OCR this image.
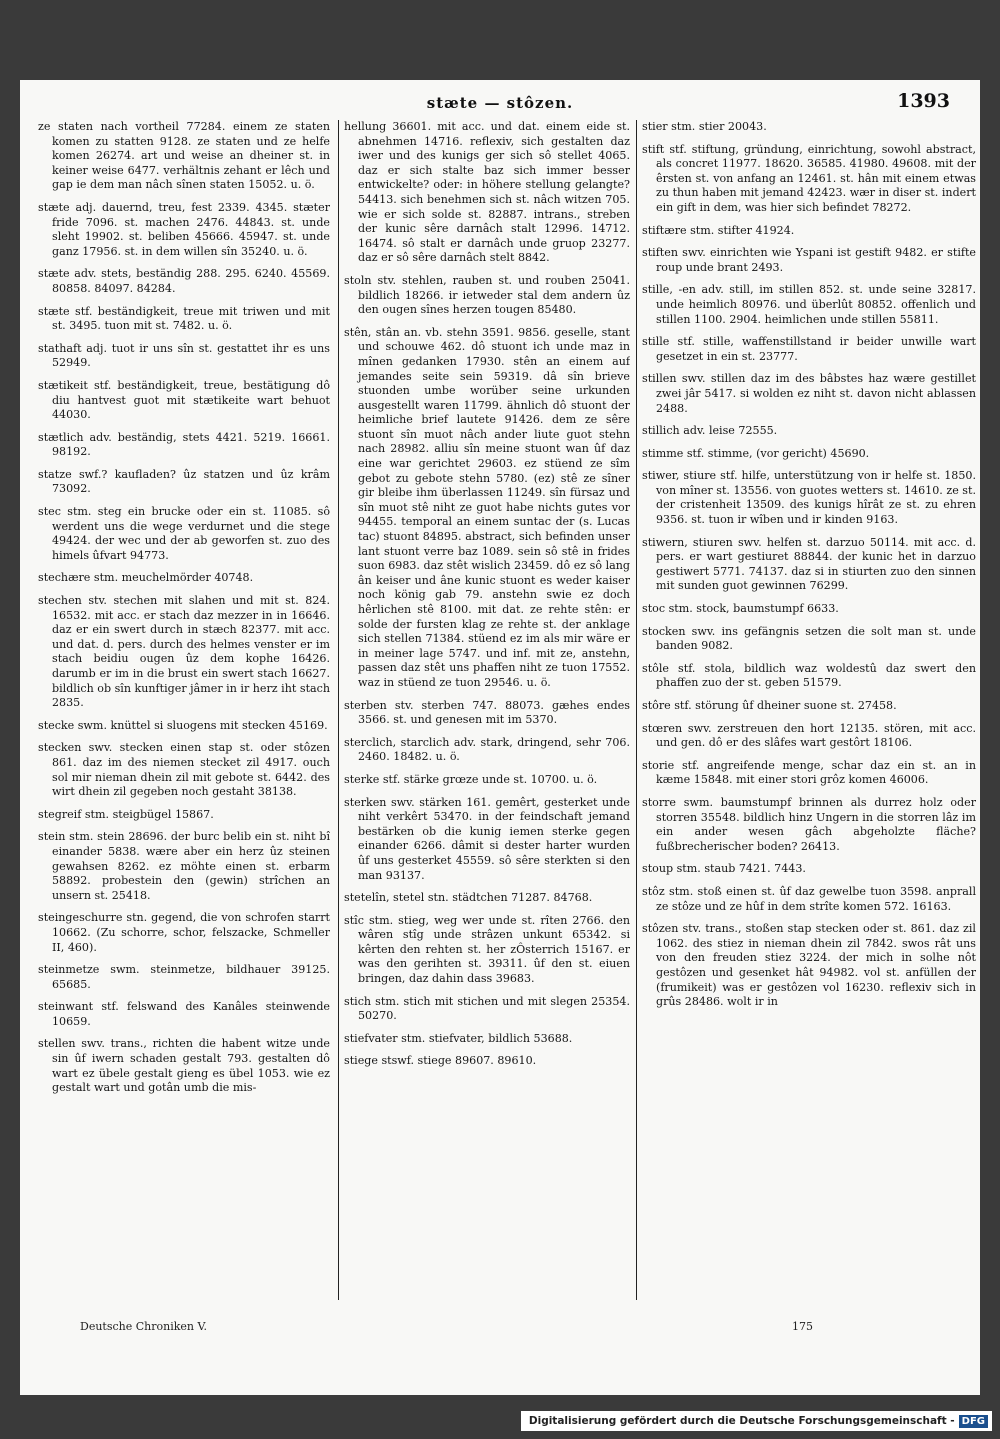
stæte — stôzen.	1393

ze staten nach vortheil 77284. einem ze staten komen zu statten 9128. ze staten und ze helfe komen 26274. art und weise an dheiner st. in keiner weise 6477. verhältnis zehant er lêch und gap ie dem man nâch sînen staten 15052. u. ö.

stæte adj. dauernd, treu, fest 2339. 4345. stæter fride 7096. st. machen 2476. 44843. st. unde sleht 19902. st. beliben 45666. 45947. st. unde ganz 17956. st. in dem willen sîn 35240. u. ö.

stæte adv. stets, beständig 288. 295. 6240. 45569. 80858. 84097. 84284.

stæte stf. beständigkeit, treue mit triwen und mit st. 3495. tuon mit st. 7482. u. ö.

stathaft adj. tuot ir uns sîn st. gestattet ihr es uns 52949.

stætikeit stf. beständigkeit, treue, bestätigung dô diu hantvest guot mit stætikeite wart behuot 44030.

stætlich adv. beständig, stets 4421. 5219. 16661. 98192.

statze swf.? kaufladen? ûz statzen und ûz krâm 73092.

stec stm. steg ein brucke oder ein st. 11085. sô werdent uns die wege verdurnet und die stege 49424. der wec und der ab geworfen st. zuo des himels ûfvart 94773.

stechære stm. meuchelmörder 40748.

stechen stv. stechen mit slahen und mit st. 824. 16532. mit acc. er stach daz mezzer in in 16646. daz er ein swert durch in stæch 82377. mit acc. und dat. d. pers. durch des helmes venster er im stach beidiu ougen ûz dem kophe 16426. darumb er im in die brust ein swert stach 16627. bildlich ob sîn kunftiger jâmer in ir herz iht stach 2835.

stecke swm. knüttel si sluogens mit stecken 45169.

stecken swv. stecken einen stap st. oder stôzen 861. daz im des niemen stecket zil 4917. ouch sol mir nieman dhein zil mit gebote st. 6442. des wirt dhein zil gegeben noch gestaht 38138.

stegreif stm. steigbügel 15867.

stein stm. stein 28696. der burc belib ein st. niht bî einander 5838. wære aber ein herz ûz steinen gewahsen 8262. ez möhte einen st. erbarm 58892. probestein den (gewin) strîchen an unsern st. 25418.

steingeschurre stn. gegend, die von schrofen starrt 10662. (Zu schorre, schor, felszacke, Schmeller II, 460).

steinmetze swm. steinmetze, bildhauer 39125. 65685.

steinwant stf. felswand des Kanâles steinwende 10659.

stellen swv. trans., richten die habent witze unde sin ûf iwern schaden gestalt 793. gestalten dô wart ez übele gestalt gieng es übel 1053. wie ez gestalt wart und gotân umb die mis-

hellung 36601. mit acc. und dat. einem eide st. abnehmen 14716. reflexiv, sich gestalten daz iwer und des kunigs ger sich sô stellet 4065. daz er sich stalte baz sich immer besser entwickelte? oder: in höhere stellung gelangte? 54413. sich benehmen sich st. nâch witzen 705. wie er sich solde st. 82887. intrans., streben der kunic sêre darnâch stalt 12996. 14712. 16474. sô stalt er darnâch unde gruop 23277. daz er sô sêre darnâch stelt 8842.

stoln stv. stehlen, rauben st. und rouben 25041. bildlich 18266. ir ietweder stal dem andern ûz den ougen sînes herzen tougen 85480.

stên, stân an. vb. stehn 3591. 9856. geselle, stant und schouwe 462. dô stuont ich unde maz in mînen gedanken 17930. stên an einem auf jemandes seite sein 59319. dâ sîn brieve stuonden umbe worüber seine urkunden ausgestellt waren 11799. ähnlich dô stuont der heimliche brief lautete 91426. dem ze sêre stuont sîn muot nâch ander liute guot stehn nach 28982. alliu sîn meine stuont wan ûf daz eine war gerichtet 29603. ez stüend ze sîm gebot zu gebote stehn 5780. (ez) stê ze sîner gir bleibe ihm überlassen 11249. sîn fürsaz und sîn muot stê niht ze guot habe nichts gutes vor 94455. temporal an einem suntac der (s. Lucas tac) stuont 84895. abstract, sich befinden unser lant stuont verre baz 1089. sein sô stê in frides suon 6983. daz stêt wislich 23459. dô ez sô lang ân keiser und âne kunic stuont es weder kaiser noch könig gab 79. anstehn swie ez doch hêrlichen stê 8100. mit dat. ze rehte stên: er solde der fursten klag ze rehte st. der anklage sich stellen 71384. stüend ez im als mir wäre er in meiner lage 5747. und inf. mit ze, anstehn, passen daz stêt uns phaffen niht ze tuon 17552. waz in stüend ze tuon 29546. u. ö.

sterben stv. sterben 747. 88073. gæhes endes 3566. st. und genesen mit im 5370.

sterclich, starclich adv. stark, dringend, sehr 706. 2460. 18482. u. ö.

sterke stf. stärke grœze unde st. 10700. u. ö.

sterken swv. stärken 161. gemêrt, gesterket unde niht verkêrt 53470. in der feindschaft jemand bestärken ob die kunig iemen sterke gegen einander 6266. dâmit si dester harter wurden ûf uns gesterket 45559. sô sêre sterkten si den man 93137.

stetelîn, stetel stn. städtchen 71287. 84768.

stîc stm. stieg, weg wer unde st. rîten 2766. den wâren stîg unde strâzen unkunt 65342. si kêrten den rehten st. her zÔsterrich 15167. er was den gerihten st. 39311. ûf den st. eiuen bringen, daz dahin dass 39683.

stich stm. stich mit stichen und mit slegen 25354. 50270.

stiefvater stm. stiefvater, bildlich 53688.

stiege stswf. stiege 89607. 89610.

stier stm. stier 20043.

stift stf. stiftung, gründung, einrichtung, sowohl abstract, als concret 11977. 18620. 36585. 41980. 49608. mit der êrsten st. von anfang an 12461. st. hân mit einem etwas zu thun haben mit jemand 42423. wær in diser st. indert ein gift in dem, was hier sich befindet 78272.

stiftære stm. stifter 41924.

stiften swv. einrichten wie Yspani ist gestift 9482. er stifte roup unde brant 2493.

stille, -en adv. still, im stillen 852. st. unde seine 32817. unde heimlich 80976. und überlût 80852. offenlich und stillen 1100. 2904. heimlichen unde stillen 55811.

stille stf. stille, waffenstillstand ir beider unwille wart gesetzet in ein st. 23777.

stillen swv. stillen daz im des bâbstes haz wære gestillet zwei jâr 5417. si wolden ez niht st. davon nicht ablassen 2488.

stillich adv. leise 72555.

stimme stf. stimme, (vor gericht) 45690.

stiwer, stiure stf. hilfe, unterstützung von ir helfe st. 1850. von mîner st. 13556. von guotes wetters st. 14610. ze st. der cristenheit 13509. des kunigs hîrât ze st. zu ehren 9356. st. tuon ir wîben und ir kinden 9163.

stiwern, stiuren swv. helfen st. darzuo 50114. mit acc. d. pers. er wart gestiuret 88844. der kunic het in darzuo gestiwert 5771. 74137. daz si in stiurten zuo den sinnen mit sunden guot gewinnen 76299.

stoc stm. stock, baumstumpf 6633.

stocken swv. ins gefängnis setzen die solt man st. unde banden 9082.

stôle stf. stola, bildlich waz woldestû daz swert den phaffen zuo der st. geben 51579.

stôre stf. störung ûf dheiner suone st. 27458.

stœren swv. zerstreuen den hort 12135. stören, mit acc. und gen. dô er des slâfes wart gestôrt 18106.

storie stf. angreifende menge, schar daz ein st. an in kæme 15848. mit einer stori grôz komen 46006.

storre swm. baumstumpf brinnen als durrez holz oder storren 35548. bildlich hinz Ungern in die storren lâz im ein ander wesen gâch abgeholzte fläche? fußbrecherischer boden? 26413.

stoup stm. staub 7421. 7443.

stôz stm. stoß einen st. ûf daz gewelbe tuon 3598. anprall ze stôze und ze hûf in dem strîte komen 572. 16163.

stôzen stv. trans., stoßen stap stecken oder st. 861. daz zil 1062. des stiez in nieman dhein zil 7842. swos rât uns von den freuden stiez 3224. der mich in solhe nôt gestôzen und gesenket hât 94982. vol st. anfüllen der (frumikeit) was er gestôzen vol 16230. reflexiv sich in grûs 28486. wolt ir in

Deutsche Chroniken V.	175
Digitalisierung gefördert durch die Deutsche Forschungsgemeinschaft - DFG
